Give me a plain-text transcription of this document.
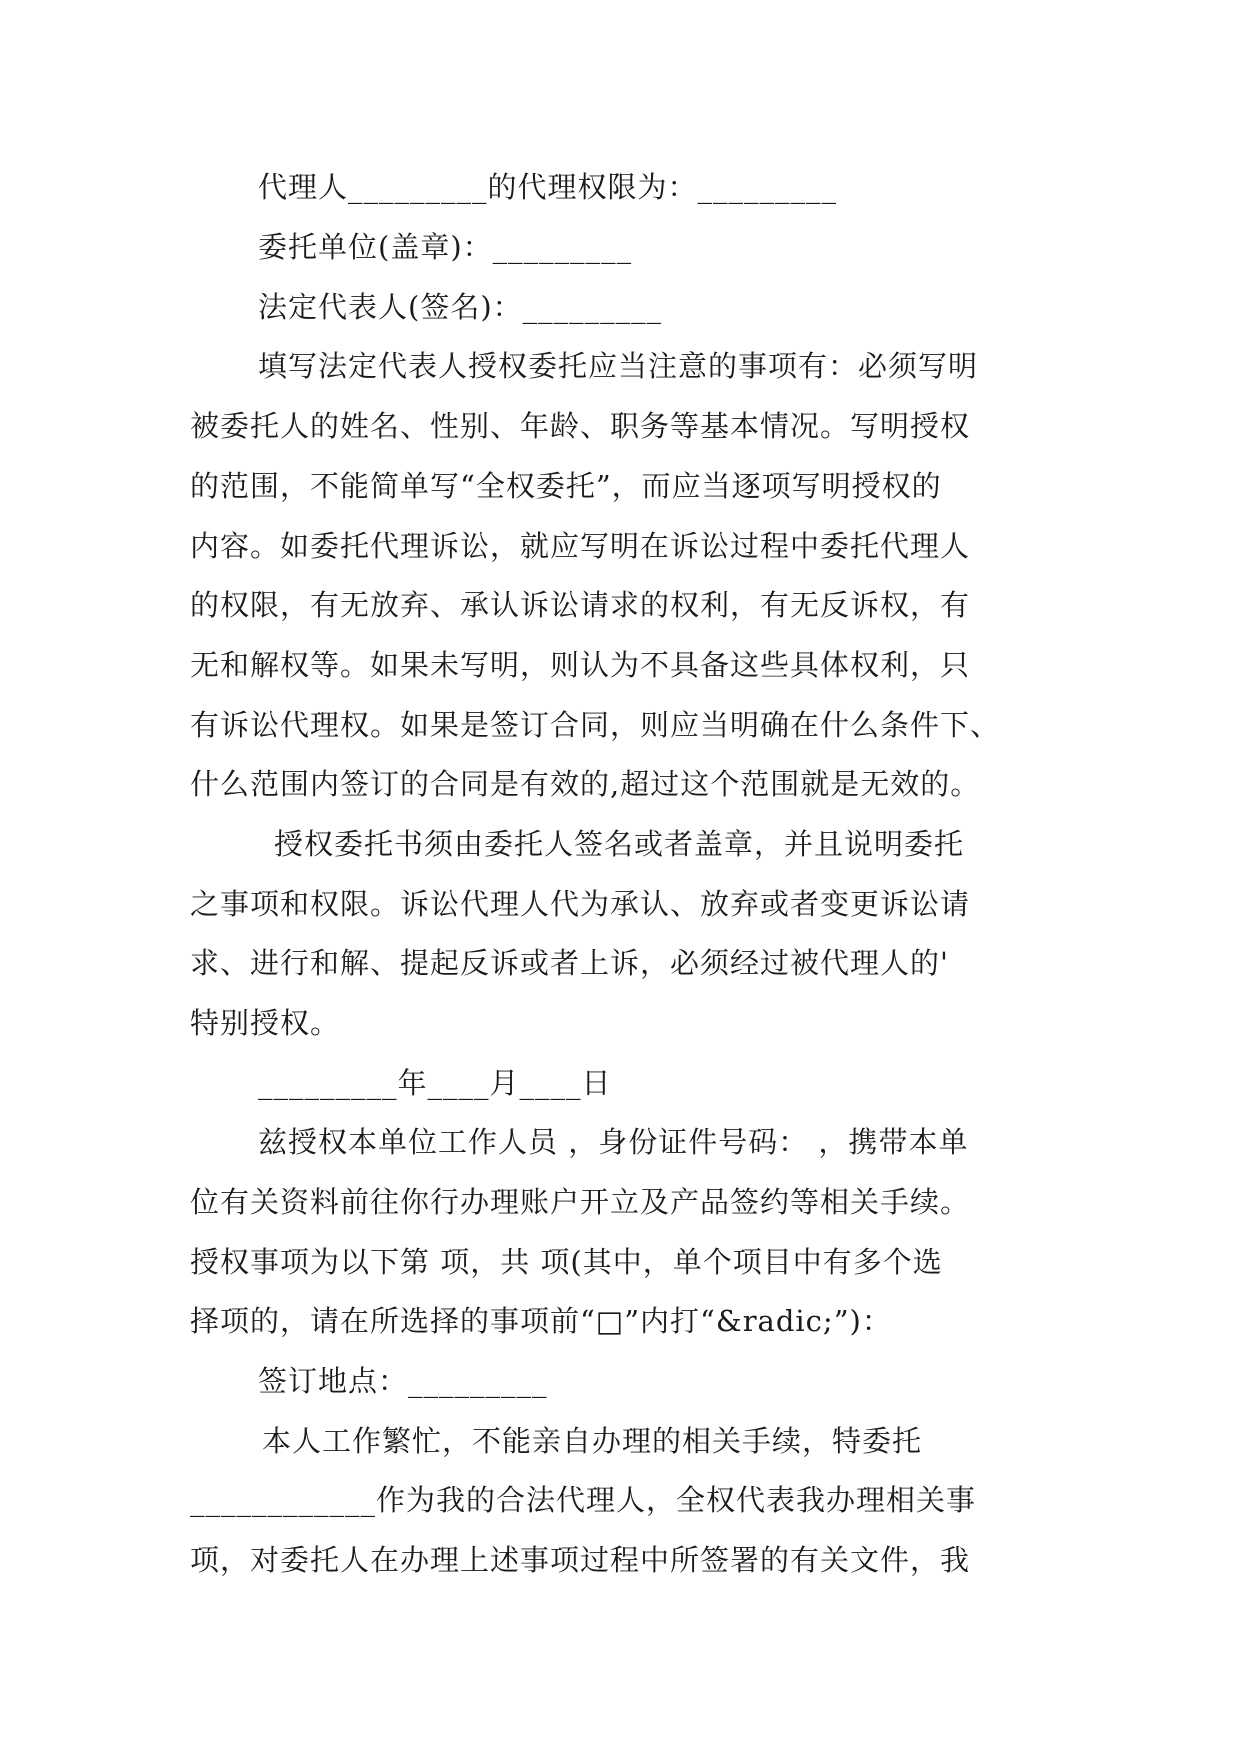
代理人_________的代理权限为：_________
委托单位(盖章)：_________
法定代表人(签名)：_________
填写法定代表人授权委托应当注意的事项有：必须写明
被委托人的姓名、性别、年龄、职务等基本情况。写明授权
的范围，不能简单写“全权委托”，而应当逐项写明授权的
内容。如委托代理诉讼，就应写明在诉讼过程中委托代理人
的权限，有无放弃、承认诉讼请求的权利，有无反诉权，有
无和解权等。如果未写明，则认为不具备这些具体权利，只
有诉讼代理权。如果是签订合同，则应当明确在什么条件下、
什么范围内签订的合同是有效的,超过这个范围就是无效的。
授权委托书须由委托人签名或者盖章，并且说明委托
之事项和权限。诉讼代理人代为承认、放弃或者变更诉讼请
求、进行和解、提起反诉或者上诉，必须经过被代理人的'
特别授权。
_________年____月____日
兹授权本单位工作人员 ，身份证件号码： ，携带本单
位有关资料前往你行办理账户开立及产品签约等相关手续。
授权事项为以下第 项，共 项(其中，单个项目中有多个选
择项的，请在所选择的事项前“□”内打“&radic;”)：
签订地点：_________
本人工作繁忙，不能亲自办理的相关手续，特委托
____________作为我的合法代理人，全权代表我办理相关事
项，对委托人在办理上述事项过程中所签署的有关文件，我
